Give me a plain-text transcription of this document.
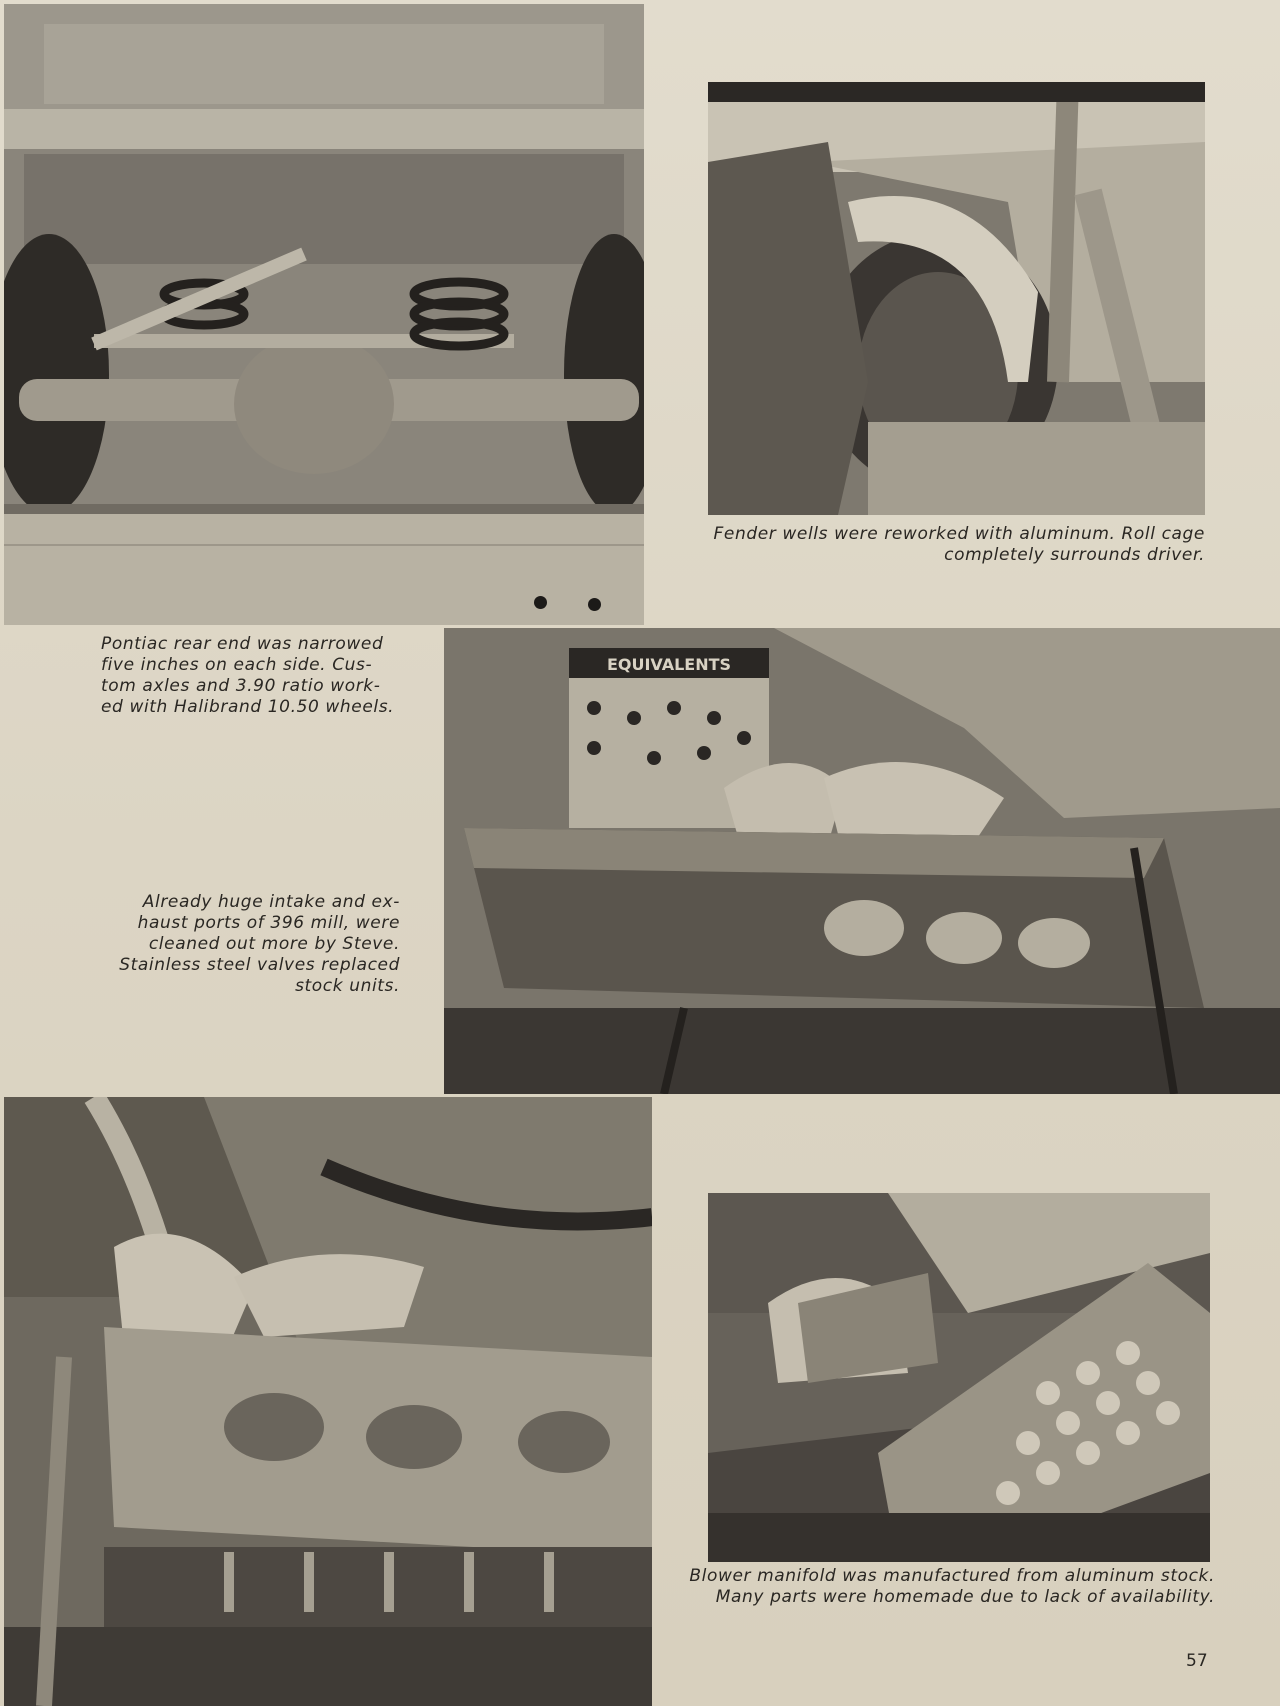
EQUIVALENTS
Fender wells were reworked with aluminum. Roll cage
completely surrounds driver.
Pontiac rear end was narrowed
five inches on each side. Cus-
tom axles and 3.90 ratio work-
ed with Halibrand 10.50 wheels.
Already huge intake and ex-
haust ports of 396 mill, were
cleaned out more by Steve.
Stainless steel valves replaced
stock units.
Blower manifold was manufactured from aluminum stock.
Many parts were homemade due to lack of availability.
57
